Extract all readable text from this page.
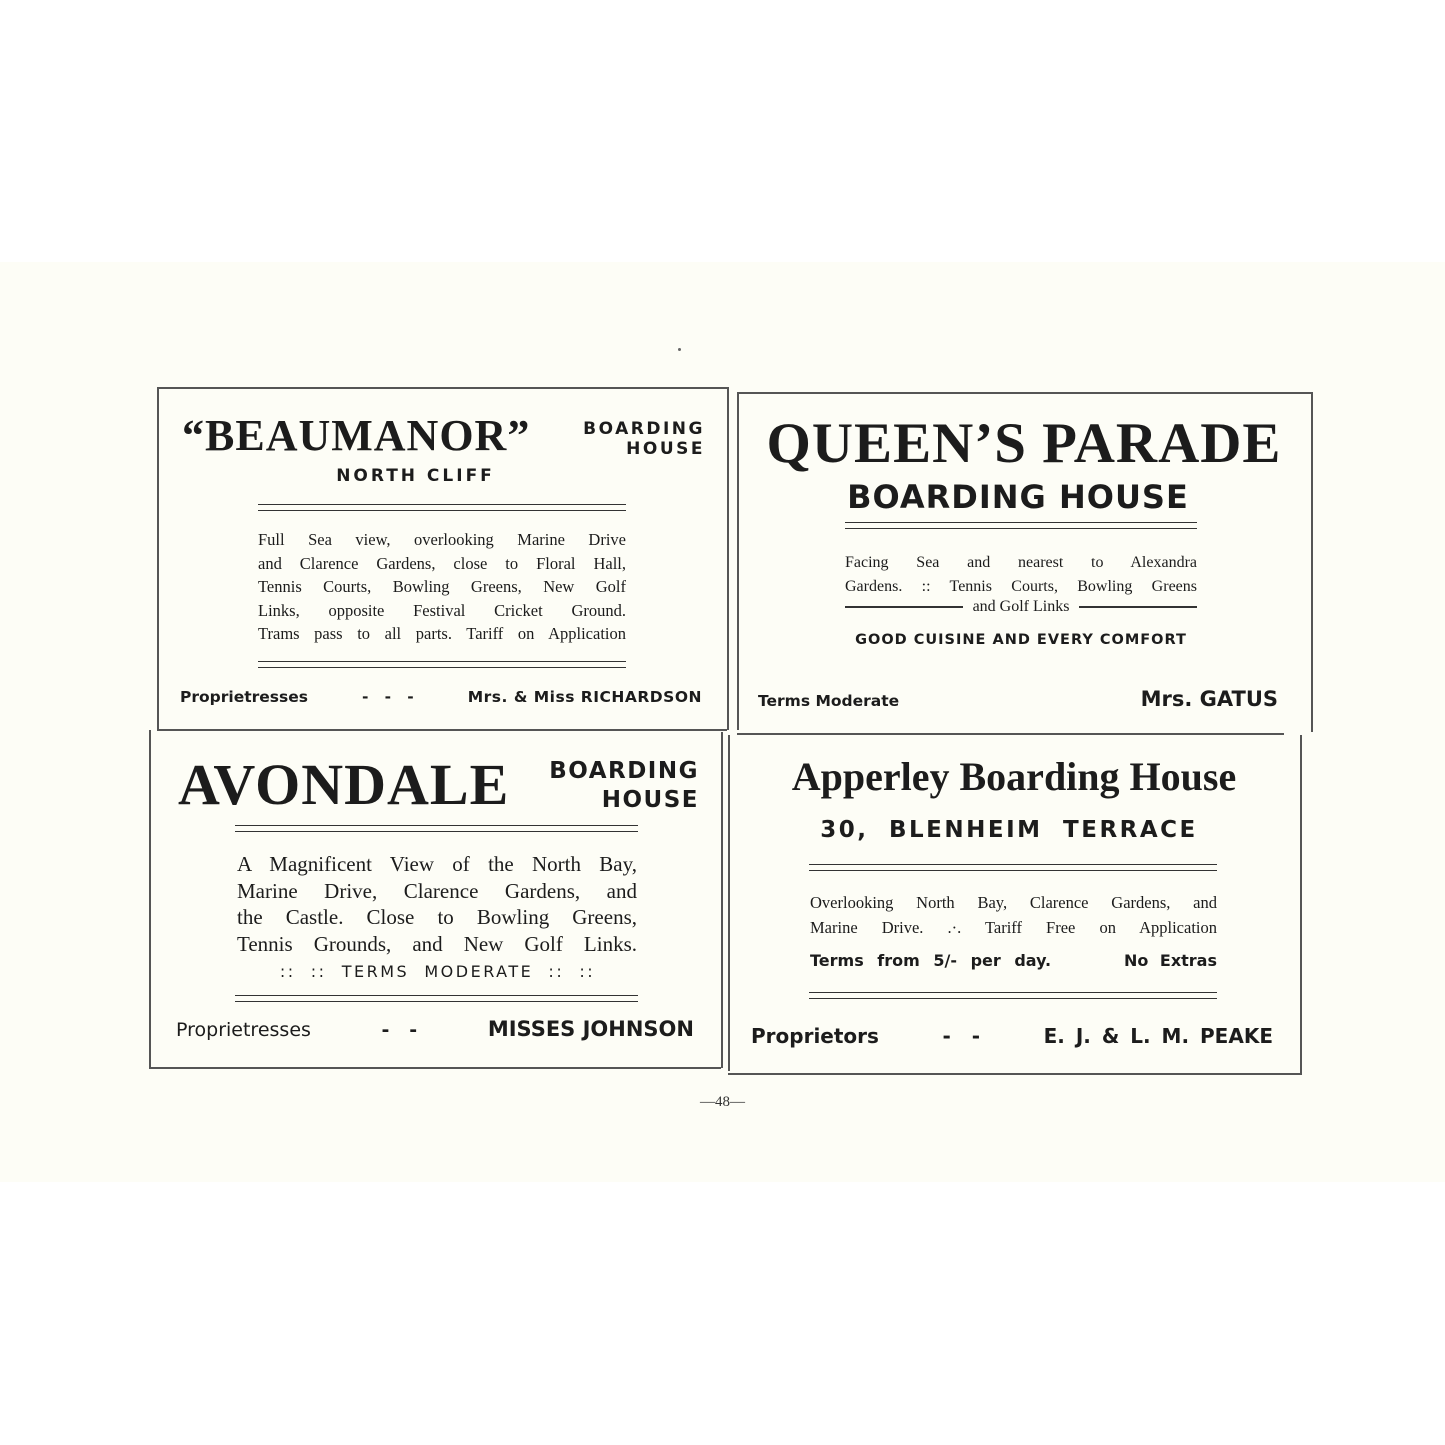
“BEAUMANOR”	BOARDING
HOUSE
NORTH CLIFF
Full Sea view, overlooking Marine Drive
and Clarence Gardens, close to Floral Hall,
Tennis Courts, Bowling Greens, New Golf
Links, opposite Festival Cricket Ground.
Trams pass to all parts. Tariff on Application
Proprietresses	-   -   -	Mrs. & Miss RICHARDSON
QUEEN’S PARADE
BOARDING HOUSE
Facing Sea and nearest to Alexandra
Gardens. :: Tennis Courts, Bowling Greens
and Golf Links
GOOD CUISINE AND EVERY COMFORT
Terms Moderate	Mrs. GATUS
AVONDALE BOARDING
HOUSE
A Magnificent View of the North Bay,
Marine Drive, Clarence Gardens, and
the Castle. Close to Bowling Greens,
Tennis Grounds, and New Golf Links.
::  ::  TERMS  MODERATE  ::  ::
Proprietresses	-   -	MISSES JOHNSON
Apperley Boarding House
30, BLENHEIM TERRACE
Overlooking North Bay, Clarence Gardens, and
Marine Drive. .·. Tariff Free on Application
Terms from 5/- per day.	No Extras
Proprietors	-   -	E. J. & L. M. PEAKE
—48—
